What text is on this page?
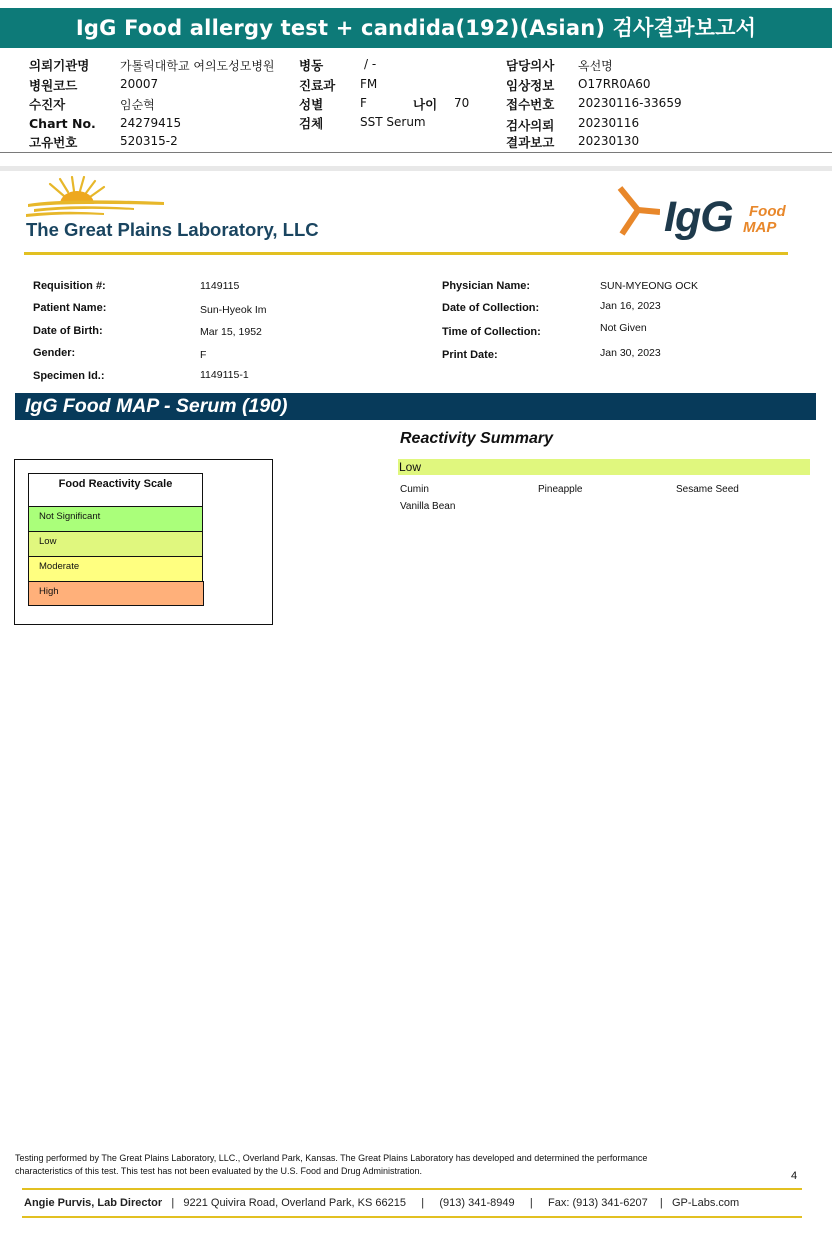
IgG Food allergy test + candida(192)(Asian) 검사결과보고서
의뢰기관명	가톨릭대학교 여의도성모병원
병원코드	20007
수진자	임순혁
Chart No. 24279415
고유번호	520315-2
병동	/ -
진료과 FM
성별	F	나이 70
검체	SST Serum
담당의사 옥선명
임상정보 O17RR0A60
접수번호 20230116-33659
검사의뢰 20230116
결과보고 20230130
The Great Plains Laboratory, LLC	IgG Food
MAP
Requisition #:	1149115
Patient Name:	Sun-Hyeok Im
Date of Birth:	Mar 15, 1952
Gender:	F
Specimen Id.:	1149115-1
Physician Name:	SUN-MYEONG OCK
Date of Collection:	Jan 16, 2023
Time of Collection:	Not Given
Print Date:	Jan 30, 2023
IgG Food MAP - Serum (190)
Reactivity Summary
Low
Cumin	Pineapple	Sesame Seed
Vanilla Bean
Food Reactivity Scale
Not Significant
Low
Moderate
High
Testing performed by The Great Plains Laboratory, LLC., Overland Park, Kansas. The Great Plains Laboratory has developed and determined the performance
characteristics of this test. This test has not been evaluated by the U.S. Food and Drug Administration.	4
Angie Purvis, Lab Director   |   9221 Quivira Road, Overland Park, KS 66215     |     (913) 341-8949     |     Fax: (913) 341-6207    |   GP-Labs.com
